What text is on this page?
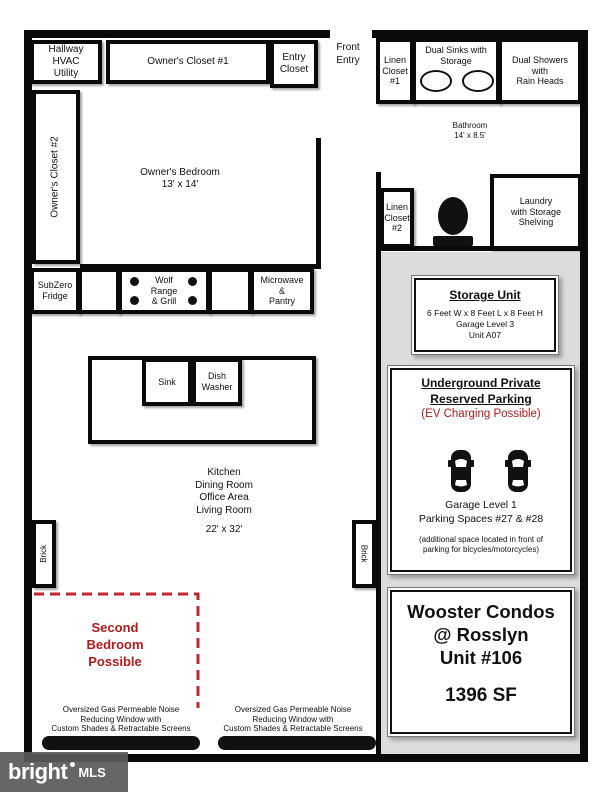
Hallway
HVAC
Utility
Owner's Closet #1	Entry
Closet
Front
Entry	Linen
Closet
#1
Dual Sinks with
Storage	Dual Showers
with
Rain Heads
Bathroom
14' x 8.5'
Owner's Closet #2	Owner's Bedroom
13' x 14'
Linen
Closet
#2
Laundry
with Storage
Shelving
SubZero
Fridge
Wolf
Range
& Grill
Microwave
&
Pantry
Sink
Dish
Washer
Kitchen
Dining Room
Office Area
Living Room
22' x 32'
Brick	Brick
Second
Bedroom
Possible
Oversized Gas Permeable Noise
Reducing Window with
Custom Shades & Retractable Screens
Oversized Gas Permeable Noise
Reducing Window with
Custom Shades & Retractable Screens
Storage Unit
6 Feet W x 8 Feet L x 8 Feet H
Garage Level 3
Unit A07
Underground Private
Reserved Parking
(EV Charging Possible)
Garage Level 1
Parking Spaces #27 & #28
(additional space located in front of
parking for bicycles/motorcycles)
Wooster Condos
@ Rosslyn
Unit #106
1396 SF
bright MLS
